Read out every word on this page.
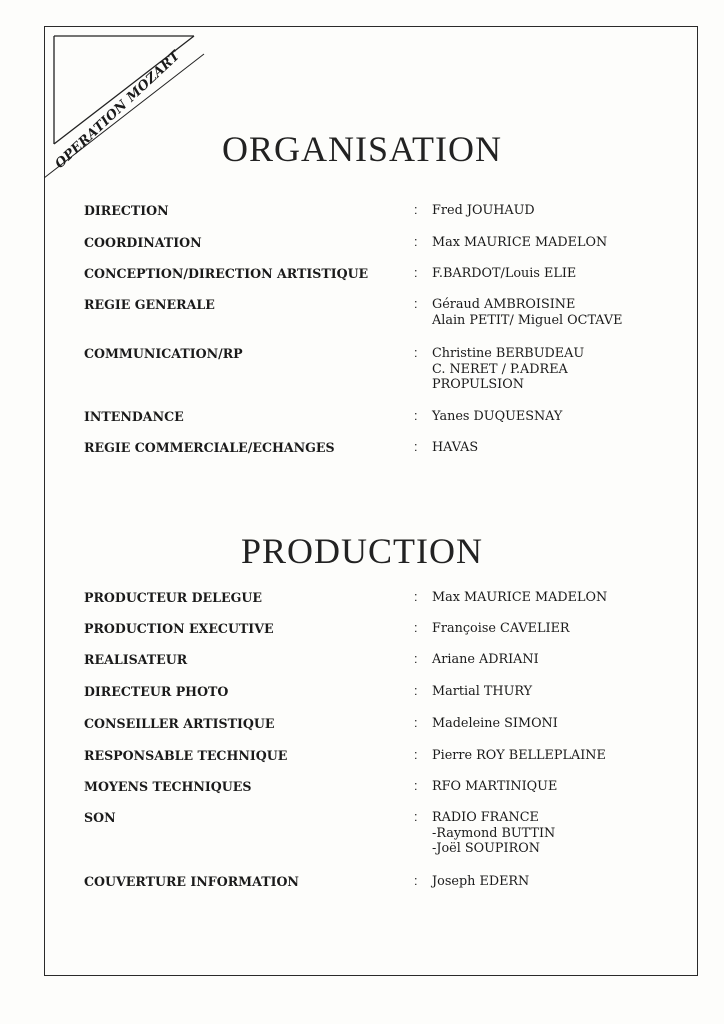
OPERATION MOZART	ORGANISATION
DIRECTION	:	Fred JOUHAUD
COORDINATION	:	Max MAURICE MADELON
CONCEPTION/DIRECTION ARTISTIQUE	:	F.BARDOT/Louis ELIE
REGIE GENERALE	:	Géraud AMBROISINE
Alain PETIT/ Miguel OCTAVE
COMMUNICATION/RP	:	Christine BERBUDEAU
C. NERET / P.ADREA
PROPULSION
INTENDANCE	:	Yanes DUQUESNAY
REGIE COMMERCIALE/ECHANGES	:	HAVAS
PRODUCTION
PRODUCTEUR DELEGUE	:	Max MAURICE MADELON
PRODUCTION EXECUTIVE	:	Françoise CAVELIER
REALISATEUR	:	Ariane ADRIANI
DIRECTEUR PHOTO	:	Martial THURY
CONSEILLER ARTISTIQUE	:	Madeleine SIMONI
RESPONSABLE TECHNIQUE	:	Pierre ROY BELLEPLAINE
MOYENS TECHNIQUES	:	RFO MARTINIQUE
SON	:	RADIO FRANCE
-Raymond BUTTIN
-Joël SOUPIRON
COUVERTURE INFORMATION	:	Joseph EDERN
